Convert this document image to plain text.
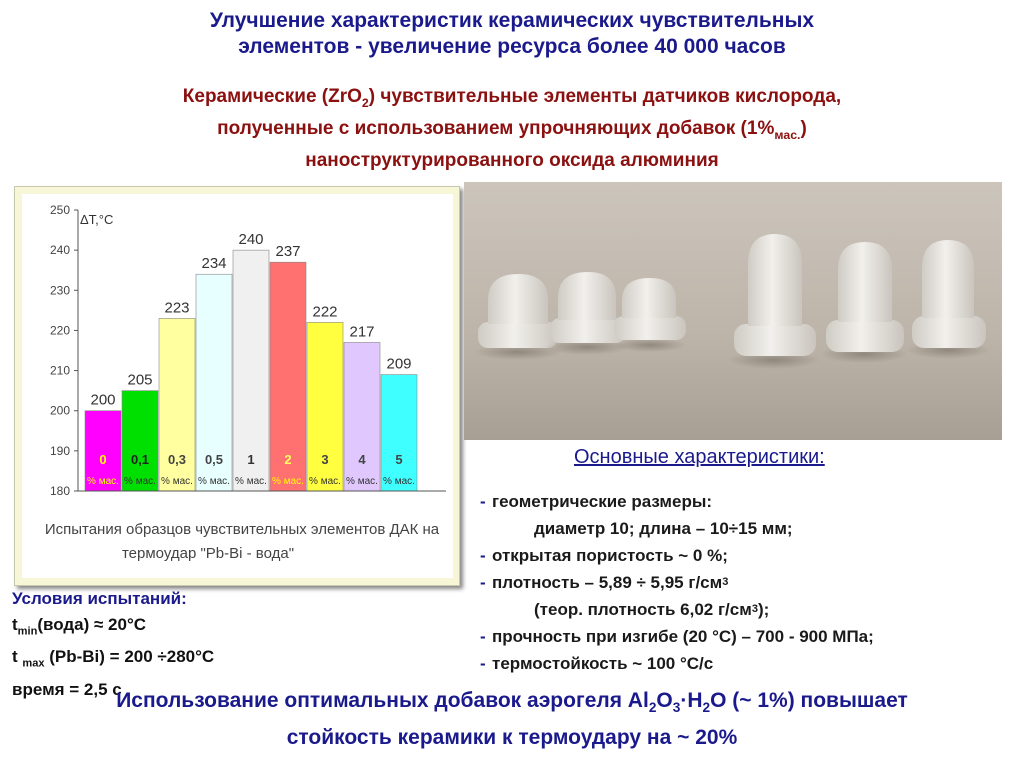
Улучшение характеристик керамических чувствительных
элементов - увеличение ресурса более 40 000 часов
Керамические (ZrO$_2$) чувствительные элементы датчиков кислорода,
полученные с использованием упрочняющих добавок $(1\%_{мас.})$
наноструктурированного оксида алюминия
180
190
200
210
220
230
240
250
200
0
% мас.
205
0,1
% мас.
223
0,3
% мас.
234
0,5
% мас.
240
1
% мас.
237
2
% мас.
222
3
% мас.
217
4
% мас.
209
5
% мас.
ΔT,°C
Испытания образцов чувствительных элементов ДАК на
термоудар "Pb-Bi - вода"
Основные характеристики:
- геометрические размеры:
диаметр 10; длина – 10÷15 мм;
- открытая пористость ~ 0 %;
- плотность – 5,89 ÷ 5,95 г/см 3
(теор. плотность 6,02 г/см 3 );
- прочность при изгибе (20 °C) – 700 - 900 МПа;
- термостойкость ~ 100 °С/с
Условия испытаний:
$t_{min}(вода) \approx 20^\circ C$
t $_{max}$ (Pb-Bi) = 200 ÷280°C
время = 2,5 с
Использование оптимальных добавок аэрогеля $Al_2O_3\cdot H_2O$ (~ 1%) повышает
стойкость керамики к термоудару на ~ 20%
